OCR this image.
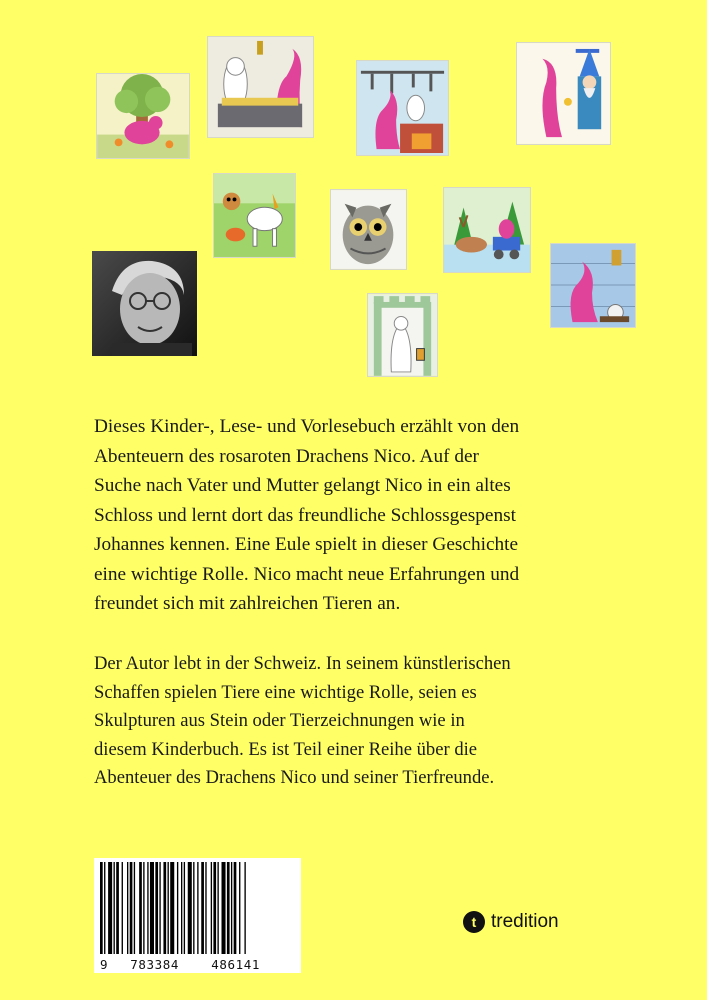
Dieses Kinder-, Lese- und Vorlesebuch erzählt von den
Abenteuern des rosaroten Drachens Nico. Auf der
Suche nach Vater und Mutter gelangt Nico in ein altes
Schloss und lernt dort das freundliche Schlossgespenst
Johannes kennen. Eine Eule spielt in dieser Geschichte
eine wichtige Rolle. Nico macht neue Erfahrungen und
freundet sich mit zahlreichen Tieren an.
Der Autor lebt in der Schweiz. In seinem künstlerischen
Schaffen spielen Tiere eine wichtige Rolle, seien es
Skulpturen aus Stein oder Tierzeichnungen wie in
diesem Kinderbuch. Es ist Teil einer Reihe über die
Abenteuer des Drachens Nico und seiner Tierfreunde.
9 783384	486141
t tredition
